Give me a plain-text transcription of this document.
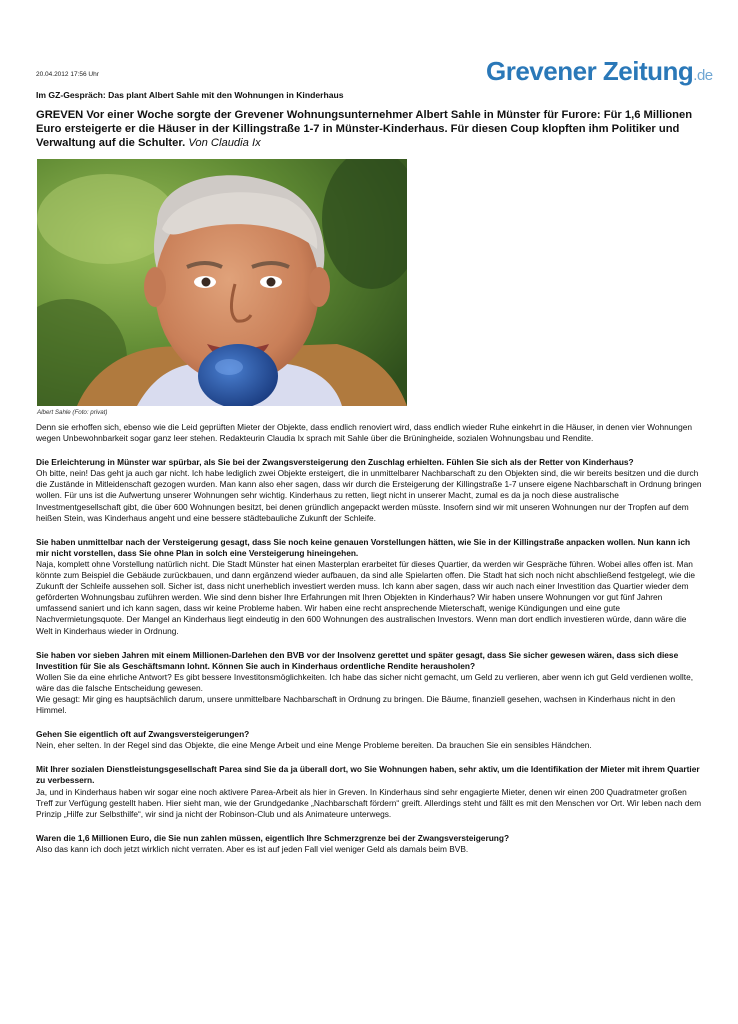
20.04.2012 17:56 Uhr	Grevener Zeitung.de
Im GZ-Gespräch: Das plant Albert Sahle mit den Wohnungen in Kinderhaus
GREVEN Vor einer Woche sorgte der Grevener Wohnungsunternehmer Albert Sahle in Münster für Furore: Für 1,6 Millionen Euro ersteigerte er die Häuser in der Killingstraße 1-7 in Münster-Kinderhaus. Für diesen Coup klopften ihm Politiker und Verwaltung auf die Schulter. Von Claudia Ix
Albert Sahle (Foto: privat)

Denn sie erhoffen sich, ebenso wie die Leid geprüften Mieter der Objekte, dass endlich renoviert wird, dass endlich wieder Ruhe einkehrt in die Häuser, in denen vier Wohnungen wegen Unbewohnbarkeit sogar ganz leer stehen. Redakteurin Claudia Ix sprach mit Sahle über die Brüningheide, sozialen Wohnungsbau und Rendite.

Die Erleichterung in Münster war spürbar, als Sie bei der Zwangsversteigerung den Zuschlag erhielten. Fühlen Sie sich als der Retter von Kinderhaus?
Oh bitte, nein! Das geht ja auch gar nicht. Ich habe lediglich zwei Objekte ersteigert, die in unmittelbarer Nachbarschaft zu den Objekten sind, die wir bereits besitzen und die durch die Zustände in Mitleidenschaft gezogen wurden. Man kann also eher sagen, dass wir durch die Ersteigerung der Killingstraße 1-7 unsere eigene Nachbarschaft in Ordnung bringen wollen. Für uns ist die Aufwertung unserer Wohnungen sehr wichtig. Kinderhaus zu retten, liegt nicht in unserer Macht, zumal es da ja noch diese australische Investmentgesellschaft gibt, die über 600 Wohnungen besitzt, bei denen gründlich angepackt werden müsste. Insofern sind wir mit unseren Wohnungen nur der Tropfen auf dem heißen Stein, was Kinderhaus angeht und eine bessere städtebauliche Zukunft der Schleife.

Sie haben unmittelbar nach der Versteigerung gesagt, dass Sie noch keine genauen Vorstellungen hätten, wie Sie in der Killingstraße anpacken wollen. Nun kann ich mir nicht vorstellen, dass Sie ohne Plan in solch eine Versteigerung hineingehen.
Naja, komplett ohne Vorstellung natürlich nicht. Die Stadt Münster hat einen Masterplan erarbeitet für dieses Quartier, da werden wir Gespräche führen. Wobei alles offen ist. Man könnte zum Beispiel die Gebäude zurückbauen, und dann ergänzend wieder aufbauen, da sind alle Spielarten offen. Die Stadt hat sich noch nicht abschließend festgelegt, wie die Zukunft der Schleife aussehen soll. Sicher ist, dass nicht unerheblich investiert werden muss. Ich kann aber sagen, dass wir auch nach einer Investition das Quartier wieder dem geförderten Wohnungsbau zuführen werden. Wie sind denn bisher Ihre Erfahrungen mit Ihren Objekten in Kinderhaus? Wir haben unsere Wohnungen vor gut fünf Jahren umfassend saniert und ich kann sagen, dass wir keine Probleme haben. Wir haben eine recht ansprechende Mieterschaft, wenige Kündigungen und eine gute Nachvermietungsquote. Der Mangel an Kinderhaus liegt eindeutig in den 600 Wohnungen des australischen Investors. Wenn man dort endlich investieren würde, dann wäre die Welt in Kinderhaus wieder in Ordnung.

Sie haben vor sieben Jahren mit einem Millionen-Darlehen den BVB vor der Insolvenz gerettet und später gesagt, dass Sie sicher gewesen wären, dass sich diese Investition für Sie als Geschäftsmann lohnt. Können Sie auch in Kinderhaus ordentliche Rendite herausholen?
Wollen Sie da eine ehrliche Antwort? Es gibt bessere Investitonsmöglichkeiten. Ich habe das sicher nicht gemacht, um Geld zu verlieren, aber wenn ich gut Geld verdienen wollte, wäre das die falsche Entscheidung gewesen.
Wie gesagt: Mir ging es hauptsächlich darum, unsere unmittelbare Nachbarschaft in Ordnung zu bringen. Die Bäume, finanziell gesehen, wachsen in Kinderhaus nicht in den Himmel.

Gehen Sie eigentlich oft auf Zwangsversteigerungen?
Nein, eher selten. In der Regel sind das Objekte, die eine Menge Arbeit und eine Menge Probleme bereiten. Da brauchen Sie ein sensibles Händchen.

Mit Ihrer sozialen Dienstleistungsgesellschaft Parea sind Sie da ja überall dort, wo Sie Wohnungen haben, sehr aktiv, um die Identifikation der Mieter mit ihrem Quartier zu verbessern.
Ja, und in Kinderhaus haben wir sogar eine noch aktivere Parea-Arbeit als hier in Greven. In Kinderhaus sind sehr engagierte Mieter, denen wir einen 200 Quadratmeter großen Treff zur Verfügung gestellt haben. Hier sieht man, wie der Grundgedanke „Nachbarschaft fördern“ greift. Allerdings steht und fällt es mit den Menschen vor Ort. Wir leben nach dem Prinzip „Hilfe zur Selbsthilfe“, wir sind ja nicht der Robinson-Club und als Animateure unterwegs.

Waren die 1,6 Millionen Euro, die Sie nun zahlen müssen, eigentlich Ihre Schmerzgrenze bei der Zwangsversteigerung?
Also das kann ich doch jetzt wirklich nicht verraten. Aber es ist auf jeden Fall viel weniger Geld als damals beim BVB.
